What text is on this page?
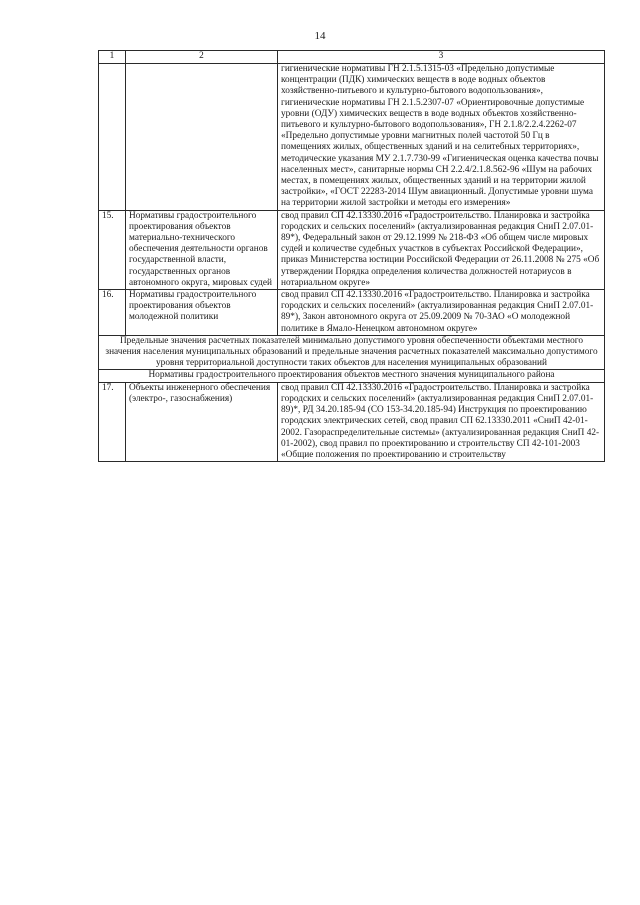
14
1	2	3
		гигиенические нормативы ГН 2.1.5.1315-03 «Предельно допустимые концентрации (ПДК) химических веществ в воде водных объектов хозяйственно-питьевого и культурно-бытового водопользования», гигиенические нормативы ГН 2.1.5.2307-07 «Ориентировочные допустимые уровни (ОДУ) химических веществ в воде водных объектов хозяйственно-питьевого и культурно-бытового водопользования», ГН 2.1.8/2.2.4.2262-07 «Предельно допустимые уровни магнитных полей частотой 50 Гц в помещениях жилых, общественных зданий и на селитебных территориях», методические указания МУ 2.1.7.730-99 «Гигиеническая оценка качества почвы населенных мест», санитарные нормы СН 2.2.4/2.1.8.562-96 «Шум на рабочих местах, в помещениях жилых, общественных зданий и на территории жилой застройки», «ГОСТ 22283-2014 Шум авиационный. Допустимые уровни шума на территории жилой застройки и методы его измерения»
15.	Нормативы градостроительного проектирования объектов материально-технического обеспечения деятельности органов государственной власти, государственных органов автономного округа, мировых судей	свод правил СП 42.13330.2016 «Градостроительство. Планировка и застройка городских и сельских поселений» (актуализированная редакция СниП 2.07.01-89*), Федеральный закон от 29.12.1999 № 218-ФЗ «Об общем числе мировых судей и количестве судебных участков в субъектах Российской Федерации», приказ Министерства юстиции Российской Федерации от 26.11.2008 № 275 «Об утверждении Порядка определения количества должностей нотариусов в нотариальном округе»
16.	Нормативы градостроительного проектирования объектов молодежной политики	свод правил СП 42.13330.2016 «Градостроительство. Планировка и застройка городских и сельских поселений» (актуализированная редакция СниП 2.07.01-89*), Закон автономного округа от 25.09.2009 № 70-ЗАО «О молодежной политике в Ямало-Ненецком автономном округе»
Предельные значения расчетных показателей минимально допустимого уровня обеспеченности объектами местного значения населения муниципальных образований и предельные значения расчетных показателей максимально допустимого уровня территориальной доступности таких объектов для населения муниципальных образований		
Нормативы градостроительного проектирования объектов местного значения муниципального района		
17.	Объекты инженерного обеспечения (электро-, газоснабжения)	свод правил СП 42.13330.2016 «Градостроительство. Планировка и застройка городских и сельских поселений» (актуализированная редакция СниП 2.07.01-89)*, РД 34.20.185-94 (СО 153-34.20.185-94) Инструкция по проектированию городских электрических сетей, свод правил СП 62.13330.2011 «СниП 42-01-2002. Газораспределительные системы» (актуализированная редакция СниП 42-01-2002), свод правил по проектированию и строительству СП 42-101-2003 «Общие положения по проектированию и строительству
